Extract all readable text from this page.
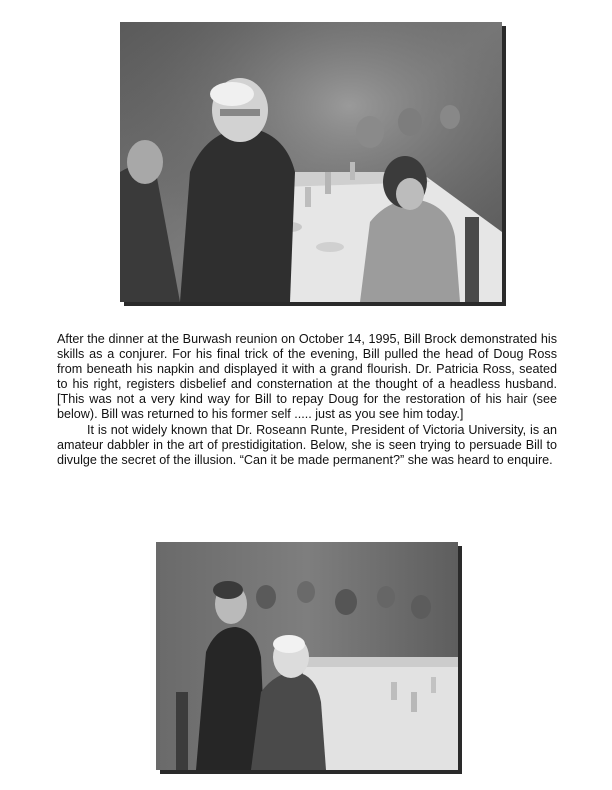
After the dinner at the Burwash reunion on October 14, 1995, Bill Brock demonstrated his skills as a conjurer. For his final trick of the evening, Bill pulled the head of Doug Ross from beneath his napkin and displayed it with a grand flourish. Dr. Patricia Ross, seated to his right, registers disbelief and consternation at the thought of a headless husband. [This was not a very kind way for Bill to repay Doug for the restoration of his hair (see below). Bill was returned to his former self ..... just as you see him today.]

It is not widely known that Dr. Roseann Runte, President of Victoria University, is an amateur dabbler in the art of prestidigitation. Below, she is seen trying to persuade Bill to divulge the secret of the illusion. “Can it be made permanent?” she was heard to enquire.
